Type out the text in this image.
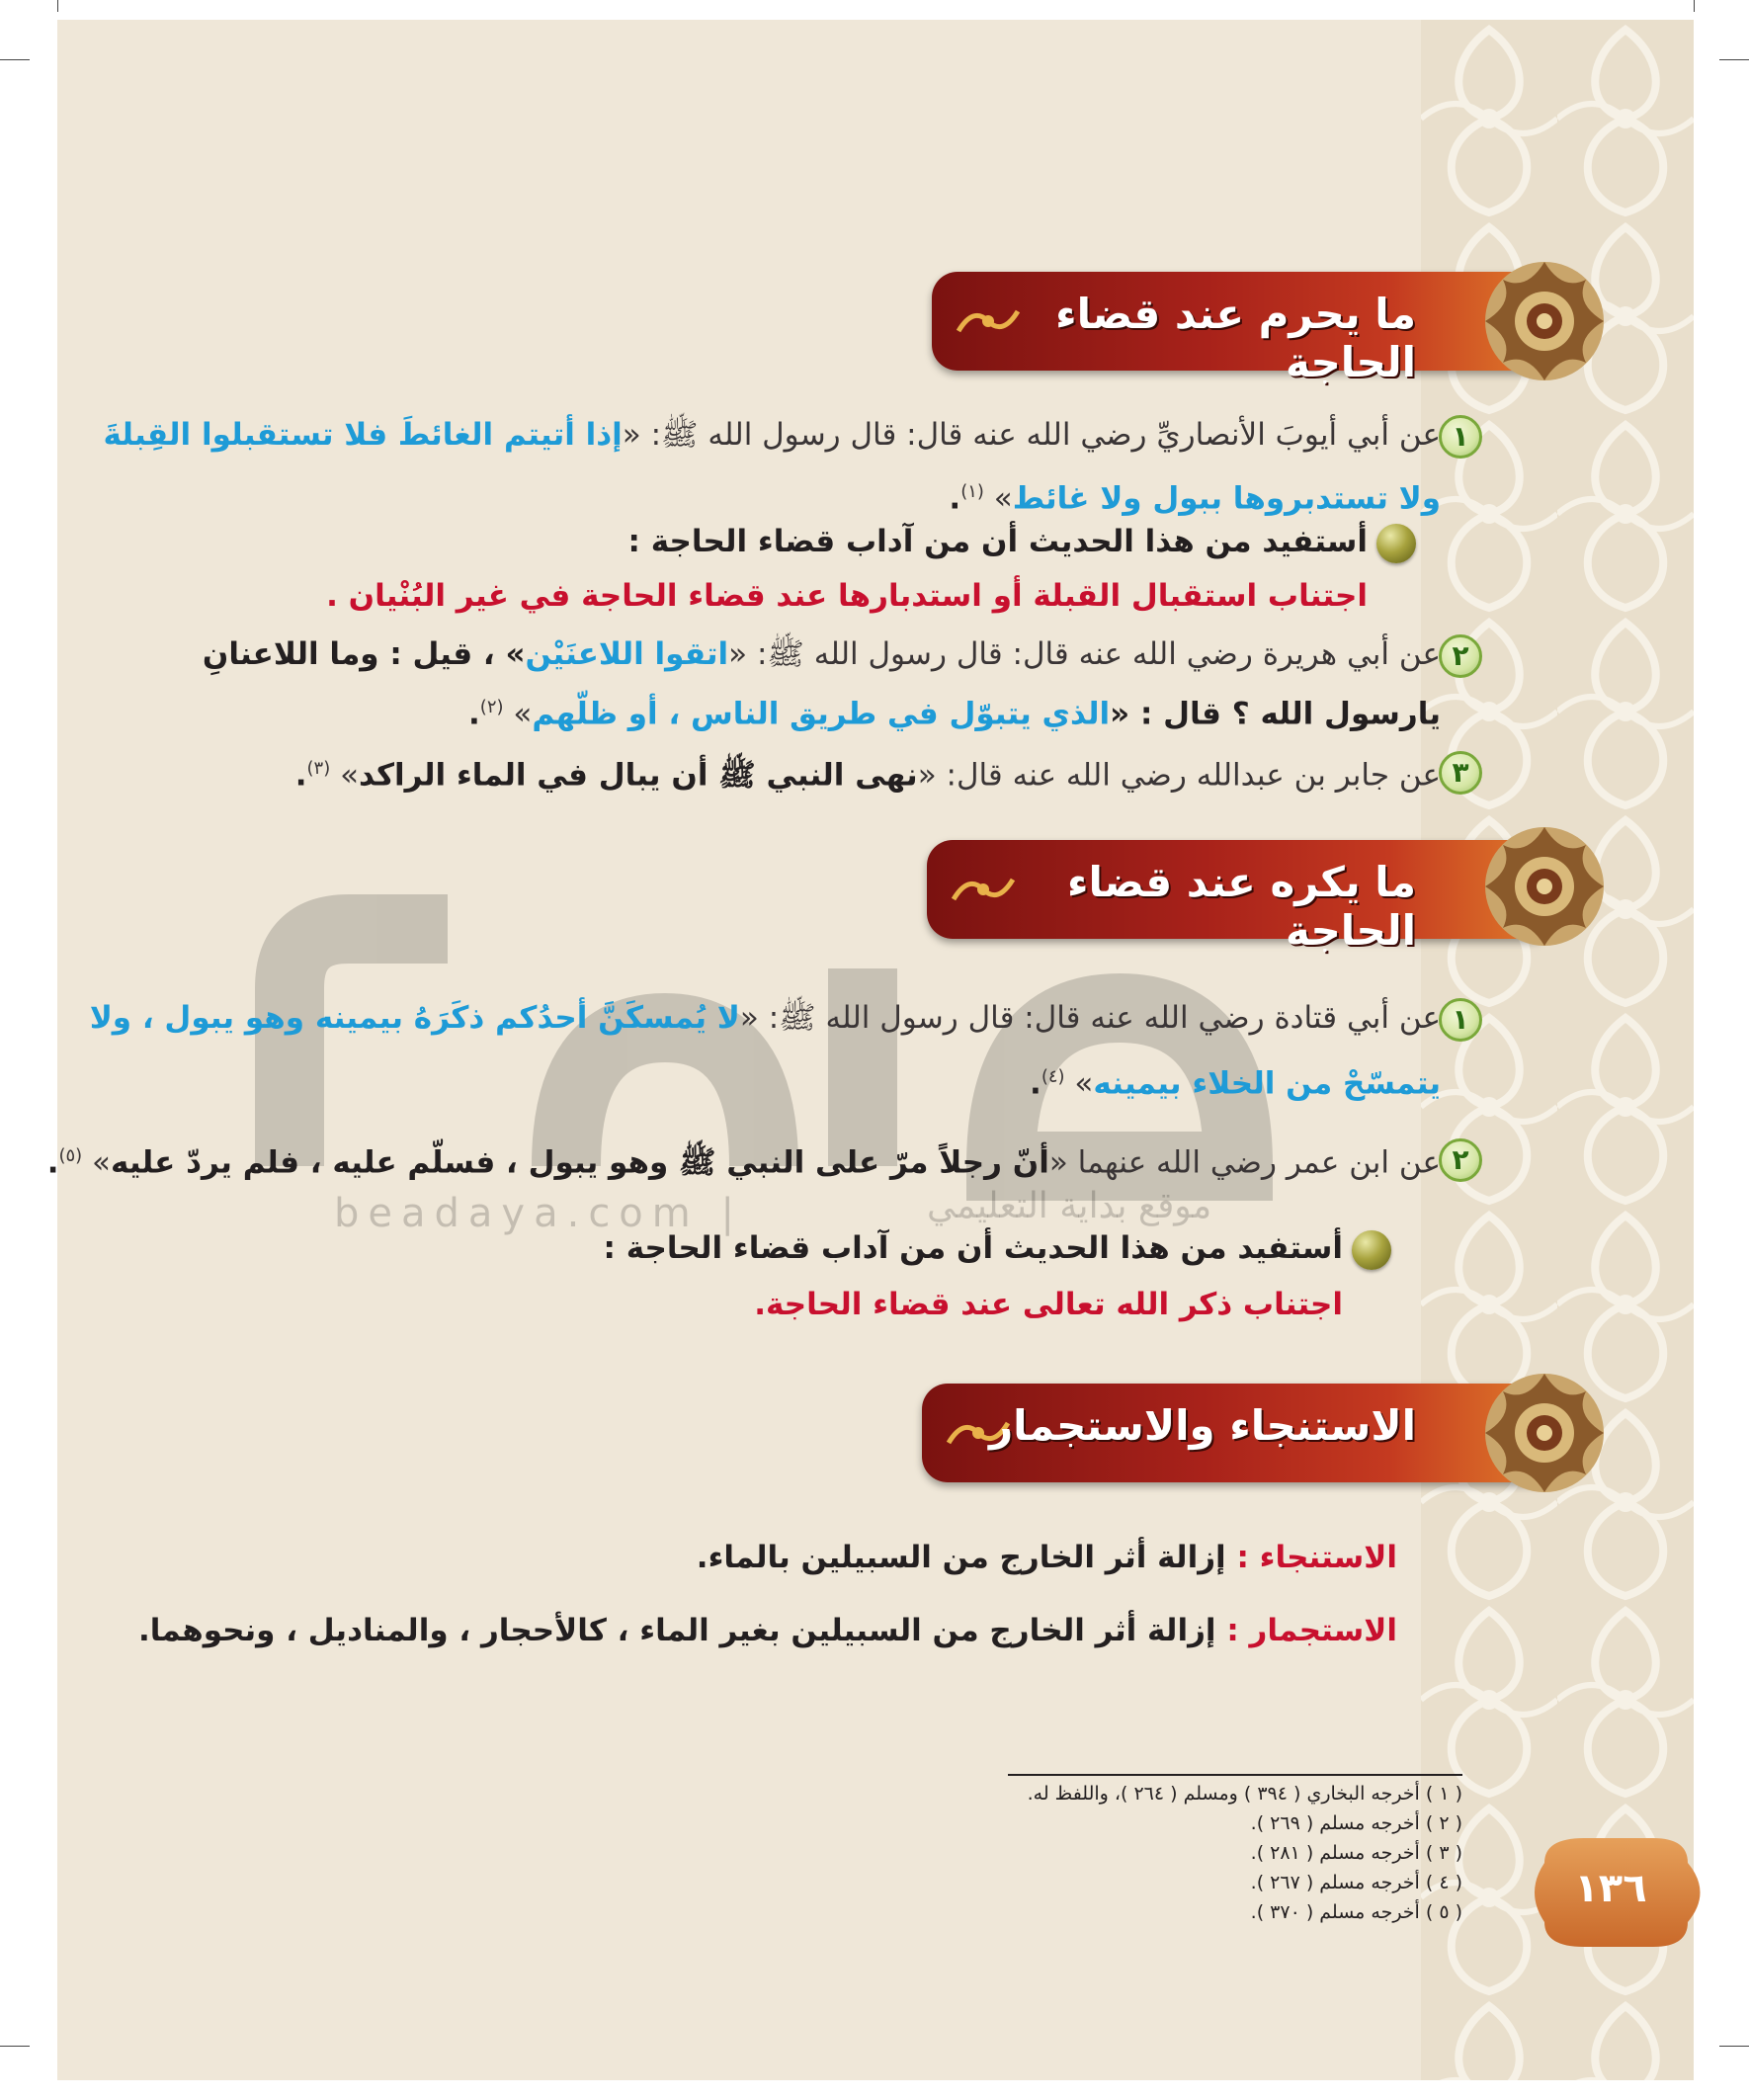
beadaya.com |	موقع بداية التعليمي
ما يحرم عند قضاء الحاجة
١
عن أبي أيوبَ الأنصاريِّ رضي الله عنه قال: قال رسول الله ﷺ: «إذا أتيتم الغائطَ فلا تستقبلوا القِبلةَ
ولا تستدبروها ببول ولا غائط» $^{(١)}$.
أستفيد من هذا الحديث أن من آداب قضاء الحاجة :
اجتناب استقبال القبلة أو استدبارها عند قضاء الحاجة في غير البُنْيان .
٢
عن أبي هريرة رضي الله عنه قال: قال رسول الله ﷺ: «اتقوا اللاعنَيْن» ، قيل : وما اللاعنانِ
يارسول الله ؟ قال : «الذي يتبوّل في طريق الناس ، أو ظلّهم» $^{(٢)}$.
٣
عن جابر بن عبدالله رضي الله عنه قال: «نهى النبي ﷺ أن يبال في الماء الراكد» $^{(٣)}$.
ما يكره عند قضاء الحاجة
١
عن أبي قتادة رضي الله عنه قال: قال رسول الله ﷺ: «لا يُمسكَنَّ أحدُكم ذكَرَهُ بيمينه وهو يبول ، ولا
يتمسّحْ من الخلاء بيمينه» $^{(٤)}$.
٢
عن ابن عمر رضي الله عنهما «أنّ رجلاً مرّ على النبي ﷺ وهو يبول ، فسلّم عليه ، فلم يردّ عليه» $^{(٥)}$.
أستفيد من هذا الحديث أن من آداب قضاء الحاجة :
اجتناب ذكر الله تعالى عند قضاء الحاجة.
الاستنجاء والاستجمار
الاستنجاء : إزالة أثر الخارج من السبيلين بالماء.
الاستجمار : إزالة أثر الخارج من السبيلين بغير الماء ، كالأحجار ، والمناديل ، ونحوهما.
( ١ ) أخرجه البخاري ( ٣٩٤ ) ومسلم ( ٢٦٤ )، واللفظ له.
( ٢ ) أخرجه مسلم ( ٢٦٩ ).
( ٣ ) أخرجه مسلم ( ٢٨١ ).
( ٤ ) أخرجه مسلم ( ٢٦٧ ).
( ٥ ) أخرجه مسلم ( ٣٧٠ ).
١٣٦
